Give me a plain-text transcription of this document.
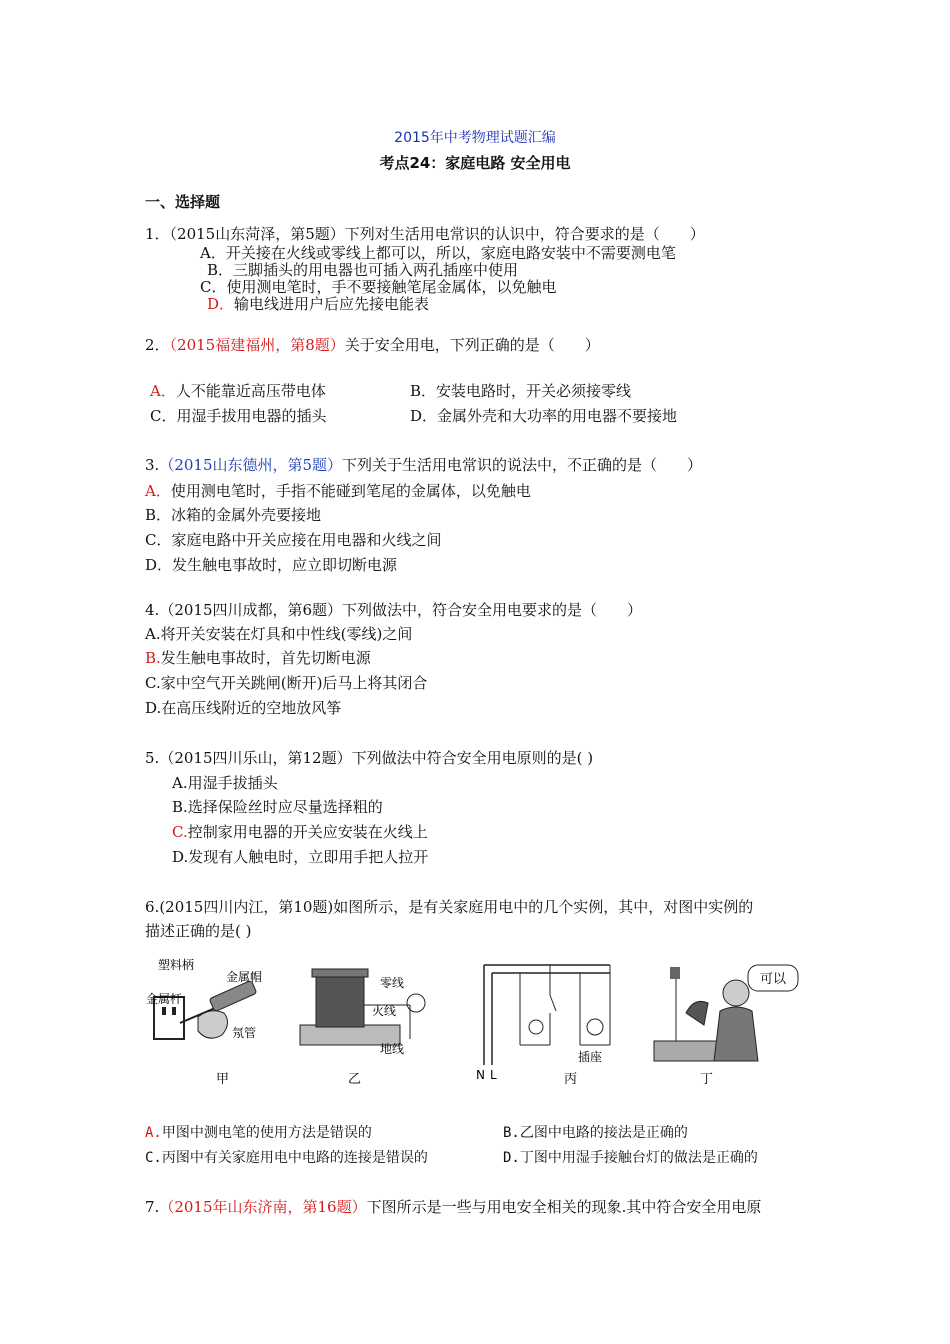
2015年中考物理试题汇编
考点24：家庭电路 安全用电
一、选择题
1．（2015山东菏泽，第5题）下列对生活用电常识的认识中，符合要求的是（　　）
A．开关接在火线或零线上都可以，所以，家庭电路安装中不需要测电笔
B．三脚插头的用电器也可插入两孔插座中使用
C．使用测电笔时，手不要接触笔尾金属体，以免触电
D．输电线进用户后应先接电能表
2．（2015福建福州，第8题）关于安全用电，下列正确的是（　　）
A．人不能靠近高压带电体	B．安装电路时，开关必须接零线
C．用湿手拔用电器的插头	D．金属外壳和大功率的用电器不要接地
3.（2015山东德州，第5题）下列关于生活用电常识的说法中，不正确的是（　　）
A．使用测电笔时，手指不能碰到笔尾的金属体，以免触电
B．冰箱的金属外壳要接地
C．家庭电路中开关应接在用电器和火线之间
D．发生触电事故时，应立即切断电源
4.（2015四川成都，第6题）下列做法中，符合安全用电要求的是（　　）
A.将开关安装在灯具和中性线(零线)之间
B.发生触电事故时，首先切断电源
C.家中空气开关跳闸(断开)后马上将其闭合
D.在高压线附近的空地放风筝
5.（2015四川乐山，第12题）下列做法中符合安全用电原则的是( )
A.用湿手拔插头
B.选择保险丝时应尽量选择粗的
C.控制家用电器的开关应安装在火线上
D.发现有人触电时，立即用手把人拉开
6.(2015四川内江，第10题)如图所示，是有关家庭用电中的几个实例，其中，对图中实例的
描述正确的是( )
塑料柄
金属帽
金属杆
氖管
甲
零线
火线
地线
乙
插座
N L	丙
可以
丁
A.甲图中测电笔的使用方法是错误的	B.乙图中电路的接法是正确的
C.丙图中有关家庭用电中电路的连接是错误的	D.丁图中用湿手接触台灯的做法是正确的
7.（2015年山东济南，第16题）下图所示是一些与用电安全相关的现象.其中符合安全用电原
